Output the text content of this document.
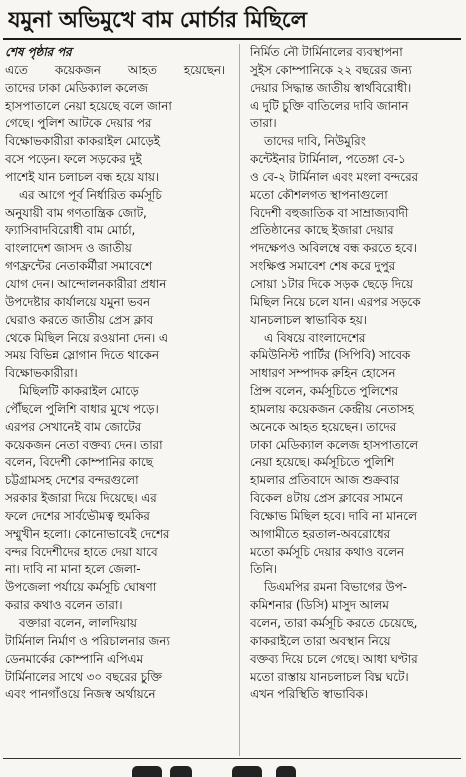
যমুনা অভিমুখে বাম মোর্চার মিছিলে
শেষ পৃষ্ঠার পর
এতে কয়েকজন আহত হয়েছেন।
তাদের ঢাকা মেডিক্যাল কলেজ
হাসপাতালে নেয়া হয়েছে বলে জানা
গেছে। পুলিশ আটকে দেয়ার পর
বিক্ষোভকারীরা কাকরাইল মোড়েই
বসে পড়েন। ফলে সড়কের দুই
পাশেই যান চলাচল বন্ধ হয়ে যায়।
এর আগে পূর্ব নির্ধারিত কর্মসূচি
অনুযায়ী বাম গণতান্ত্রিক জোট,
ফ্যাসিবাদবিরোধী বাম মোর্চা,
বাংলাদেশ জাসদ ও জাতীয়
গণফ্রন্টের নেতাকর্মীরা সমাবেশে
যোগ দেন। আন্দোলনকারীরা প্রধান
উপদেষ্টার কার্যালয়ে যমুনা ভবন
ঘেরাও করতে জাতীয় প্রেস ক্লাব
থেকে মিছিল নিয়ে রওয়ানা দেন। এ
সময় বিভিন্ন স্লোগান দিতে থাকেন
বিক্ষোভকারীরা।
মিছিলটি কাকরাইল মোড়ে
পৌঁছলে পুলিশি বাধার মুখে পড়ে।
এরপর সেখানেই বাম জোটের
কয়েকজন নেতা বক্তব্য দেন। তারা
বলেন, বিদেশী কোম্পানির কাছে
চট্টগ্রামসহ দেশের বন্দরগুলো
সরকার ইজারা দিয়ে দিয়েছে। এর
ফলে দেশের সার্বভৌমত্ব হুমকির
সম্মুখীন হলো। কোনোভাবেই দেশের
বন্দর বিদেশীদের হাতে দেয়া যাবে
না। দাবি না মানা হলে জেলা-
উপজেলা পর্যায়ে কর্মসূচি ঘোষণা
করার কথাও বলেন তারা।
বক্তারা বলেন, লালদিয়ায়
টার্মিনাল নির্মাণ ও পরিচালনার জন্য
ডেনমার্কের কোম্পানি এপিএম
টার্মিনালের সাথে ৩০ বছরের চুক্তি
এবং পানগাঁওয়ে নিজস্ব অর্থায়নে
নির্মিত নৌ টার্মিনালের ব্যবস্থাপনা
সুইস কোম্পানিকে ২২ বছরের জন্য
দেয়ার সিদ্ধান্ত জাতীয় স্বার্থবিরোধী।
এ দুটি চুক্তি বাতিলের দাবি জানান
তারা।
তাদের দাবি, নিউমুরিং
কন্টেইনার টার্মিনাল, পতেঙ্গা বে-১
ও বে-২ টার্মিনাল এবং মংলা বন্দরের
মতো কৌশলগত স্থাপনাগুলো
বিদেশী বহুজাতিক বা সাম্রাজ্যবাদী
প্রতিষ্ঠানের কাছে ইজারা দেয়ার
পদক্ষেপও অবিলম্বে বন্ধ করতে হবে।
সংক্ষিপ্ত সমাবেশ শেষ করে দুপুর
সোয়া ১টার দিকে সড়ক ছেড়ে দিয়ে
মিছিল নিয়ে চলে যান। এরপর সড়কে
যানচলাচল স্বাভাবিক হয়।
এ বিষয়ে বাংলাদেশের
কমিউনিস্ট পার্টির (সিপিবি) সাবেক
সাধারণ সম্পাদক রুহিন হোসেন
প্রিন্স বলেন, কর্মসূচিতে পুলিশের
হামলায় কয়েকজন কেন্দ্রীয় নেতাসহ
অনেকে আহত হয়েছেন। তাদের
ঢাকা মেডিক্যাল কলেজ হাসপাতালে
নেয়া হয়েছে। কর্মসূচিতে পুলিশি
হামলার প্রতিবাদে আজ শুক্রবার
বিকেল ৪টায় প্রেস ক্লাবের সামনে
বিক্ষোভ মিছিল হবে। দাবি না মানলে
আগামীতে হরতাল-অবরোধের
মতো কর্মসূচি দেয়ার কথাও বলেন
তিনি।
ডিএমপির রমনা বিভাগের উপ-
কমিশনার (ডিসি) মাসুদ আলম
বলেন, তারা কর্মসূচি করতে চেয়েছে,
কাকরাইলে তারা অবস্থান নিয়ে
বক্তব্য দিয়ে চলে গেছে। আধা ঘণ্টার
মতো রাস্তায় যানচলাচল বিঘ্ন ঘটে।
এখন পরিস্থিতি স্বাভাবিক।
